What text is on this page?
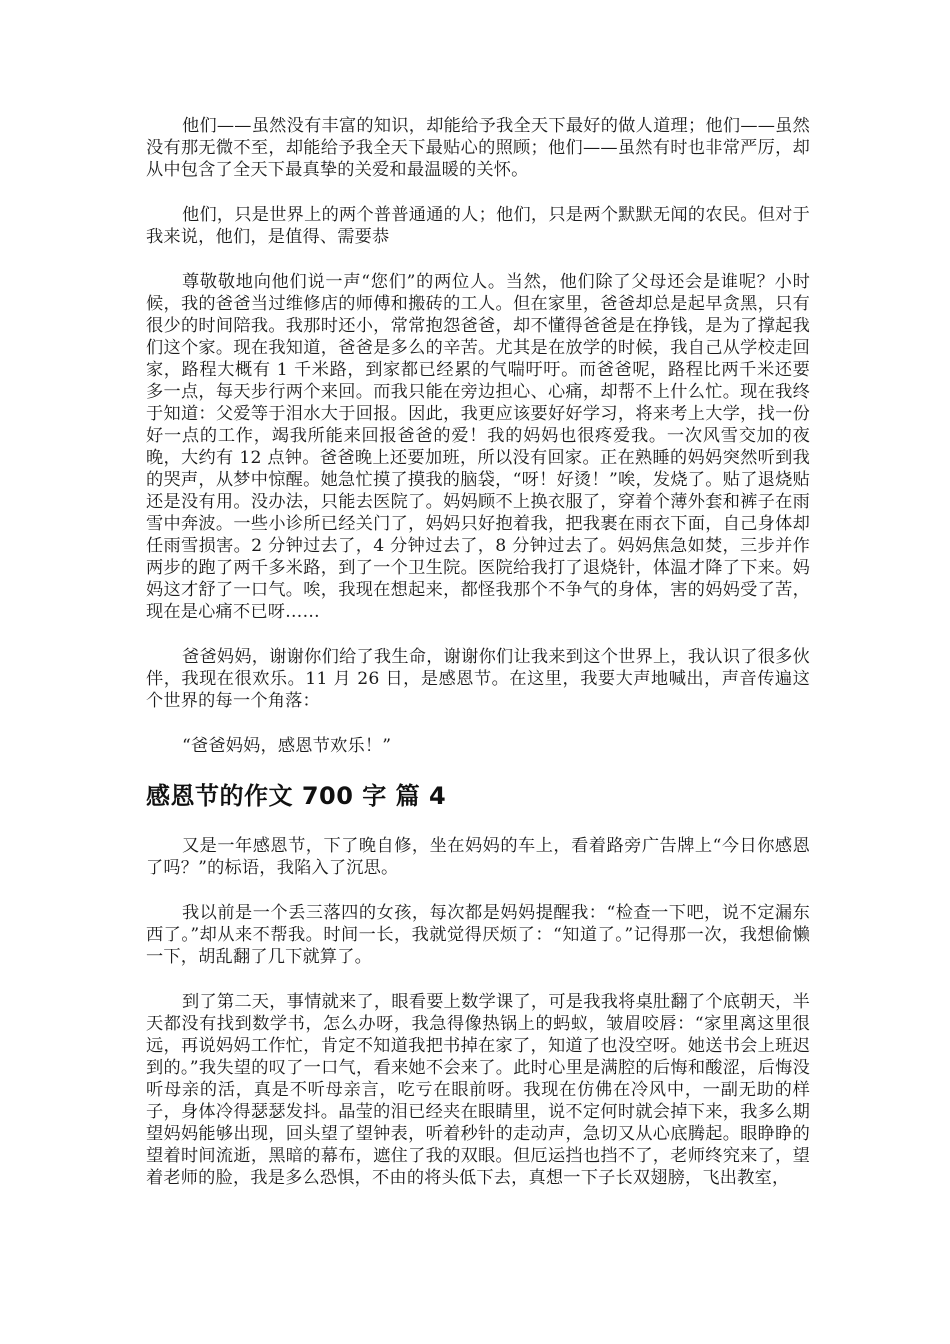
他们——虽然没有丰富的知识，却能给予我全天下最好的做人道理；他们——虽然没有那无微不至，却能给予我全天下最贴心的照顾；他们——虽然有时也非常严厉，却从中包含了全天下最真挚的关爱和最温暖的关怀。

他们，只是世界上的两个普普通通的人；他们，只是两个默默无闻的农民。但对于我来说，他们，是值得、需要恭

尊敬敬地向他们说一声“您们”的两位人。当然，他们除了父母还会是谁呢？小时候，我的爸爸当过维修店的师傅和搬砖的工人。但在家里，爸爸却总是起早贪黑，只有很少的时间陪我。我那时还小，常常抱怨爸爸，却不懂得爸爸是在挣钱，是为了撑起我们这个家。现在我知道，爸爸是多么的辛苦。尤其是在放学的时候，我自己从学校走回家，路程大概有 1 千米路，到家都已经累的气喘吁吁。而爸爸呢，路程比两千米还要多一点，每天步行两个来回。而我只能在旁边担心、心痛，却帮不上什么忙。现在我终于知道：父爱等于泪水大于回报。因此，我更应该要好好学习，将来考上大学，找一份好一点的工作，竭我所能来回报爸爸的爱！我的妈妈也很疼爱我。一次风雪交加的夜晚，大约有 12 点钟。爸爸晚上还要加班，所以没有回家。正在熟睡的妈妈突然听到我的哭声，从梦中惊醒。她急忙摸了摸我的脑袋，“呀！好烫！”唉，发烧了。贴了退烧贴还是没有用。没办法，只能去医院了。妈妈顾不上换衣服了，穿着个薄外套和裤子在雨雪中奔波。一些小诊所已经关门了，妈妈只好抱着我，把我裹在雨衣下面，自己身体却任雨雪损害。2 分钟过去了，4 分钟过去了，8 分钟过去了。妈妈焦急如焚，三步并作两步的跑了两千多米路，到了一个卫生院。医院给我打了退烧针，体温才降了下来。妈妈这才舒了一口气。唉，我现在想起来，都怪我那个不争气的身体，害的妈妈受了苦，现在是心痛不已呀……

爸爸妈妈，谢谢你们给了我生命，谢谢你们让我来到这个世界上，我认识了很多伙伴，我现在很欢乐。11 月 26 日，是感恩节。在这里，我要大声地喊出，声音传遍这个世界的每一个角落：

“爸爸妈妈，感恩节欢乐！”

感恩节的作文 700 字 篇 4

又是一年感恩节，下了晚自修，坐在妈妈的车上，看着路旁广告牌上“今日你感恩了吗？”的标语，我陷入了沉思。

我以前是一个丢三落四的女孩，每次都是妈妈提醒我：“检查一下吧，说不定漏东西了。”却从来不帮我。时间一长，我就觉得厌烦了：“知道了。”记得那一次，我想偷懒一下，胡乱翻了几下就算了。

到了第二天，事情就来了，眼看要上数学课了，可是我我将桌肚翻了个底朝天，半天都没有找到数学书，怎么办呀，我急得像热锅上的蚂蚁，皱眉咬唇：“家里离这里很远，再说妈妈工作忙，肯定不知道我把书掉在家了，知道了也没空呀。她送书会上班迟到的。”我失望的叹了一口气，看来她不会来了。此时心里是满腔的后悔和酸涩，后悔没听母亲的活，真是不听母亲言，吃亏在眼前呀。我现在仿佛在冷风中，一副无助的样子，身体冷得瑟瑟发抖。晶莹的泪已经夹在眼睛里，说不定何时就会掉下来，我多么期望妈妈能够出现，回头望了望钟表，听着秒针的走动声，急切又从心底腾起。眼睁睁的望着时间流逝，黑暗的幕布，遮住了我的双眼。但厄运挡也挡不了，老师终究来了，望着老师的脸，我是多么恐惧，不由的将头低下去，真想一下子长双翅膀，飞出教室，
